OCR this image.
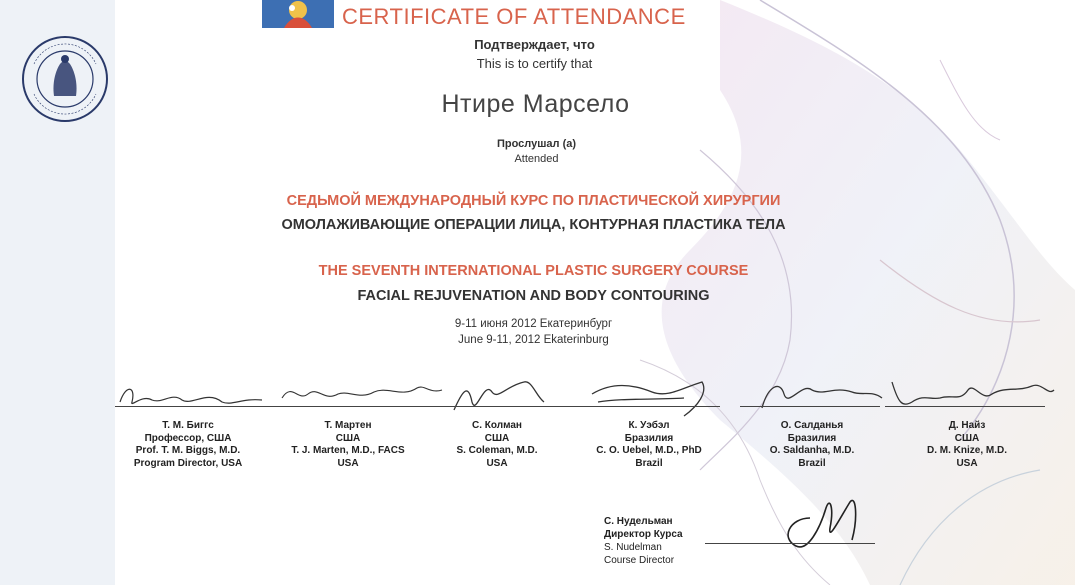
CERTIFICATE OF ATTENDANCE
Подтверждает, что
This is to certify that
Нтире Марсело
Прослушал (а)
Attended
СЕДЬМОЙ МЕЖДУНАРОДНЫЙ КУРС ПО ПЛАСТИЧЕСКОЙ ХИРУРГИИ
ОМОЛАЖИВАЮЩИЕ ОПЕРАЦИИ ЛИЦА, КОНТУРНАЯ ПЛАСТИКА ТЕЛА
THE SEVENTH INTERNATIONAL PLASTIC SURGERY COURSE
FACIAL REJUVENATION AND BODY CONTOURING
9-11 июня 2012 Екатеринбург
June 9-11, 2012 Ekaterinburg
Т. М. Биггс
Профессор, США
Prof. T. M. Biggs, M.D.
Program Director, USA
Т. Мартен
США
T. J. Marten, M.D., FACS
USA
С. Колман
США
S. Coleman, M.D.
USA
К. Уэбэл
Бразилия
C. O. Uebel, M.D., PhD
Brazil
О. Салданья
Бразилия
O. Saldanha, M.D.
Brazil
Д. Найз
США
D. M. Knize, M.D.
USA
С. Нудельман
Директор Курса
S. Nudelman
Course Director
